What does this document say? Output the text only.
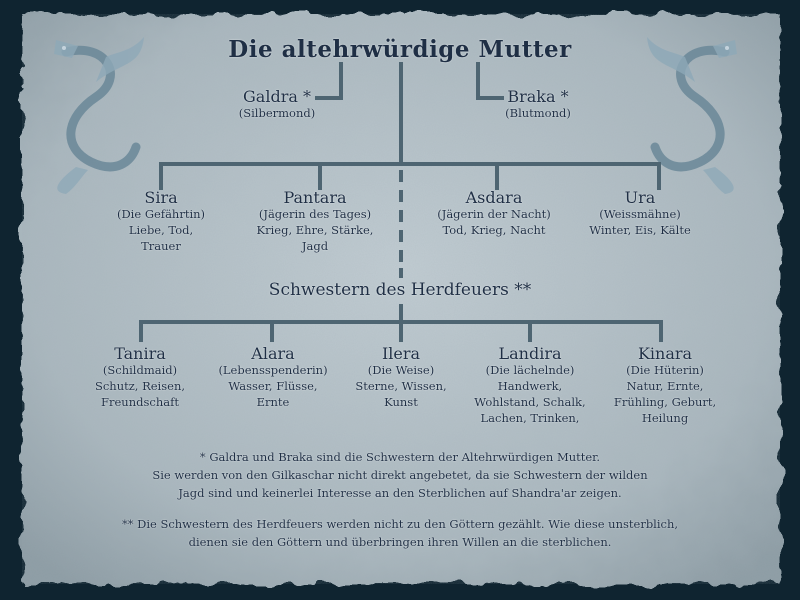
Die altehrwürdige Mutter
Galdra *
(Silbermond)
Braka *
(Blutmond)
Sira
(Die Gefährtin)
Liebe, Tod,
Trauer
Pantara
(Jägerin des Tages)
Krieg, Ehre, Stärke,
Jagd
Asdara
(Jägerin der Nacht)
Tod, Krieg, Nacht
Ura
(Weissmähne)
Winter, Eis, Kälte
Schwestern des Herdfeuers **
Tanira
(Schildmaid)
Schutz, Reisen,
Freundschaft
Alara
(Lebensspenderin)
Wasser, Flüsse,
Ernte
Ilera
(Die Weise)
Sterne, Wissen,
Kunst
Landira
(Die lächelnde)
Handwerk,
Wohlstand, Schalk,
Lachen, Trinken,
Kinara
(Die Hüterin)
Natur, Ernte,
Frühling, Geburt,
Heilung
* Galdra und Braka sind die Schwestern der Altehrwürdigen Mutter.
Sie werden von den Gilkaschar nicht direkt angebetet, da sie Schwestern der wilden
Jagd sind und keinerlei Interesse an den Sterblichen auf Shandra'ar zeigen.
** Die Schwestern des Herdfeuers werden nicht zu den Göttern gezählt. Wie diese unsterblich,
dienen sie den Göttern und überbringen ihren Willen an die sterblichen.
